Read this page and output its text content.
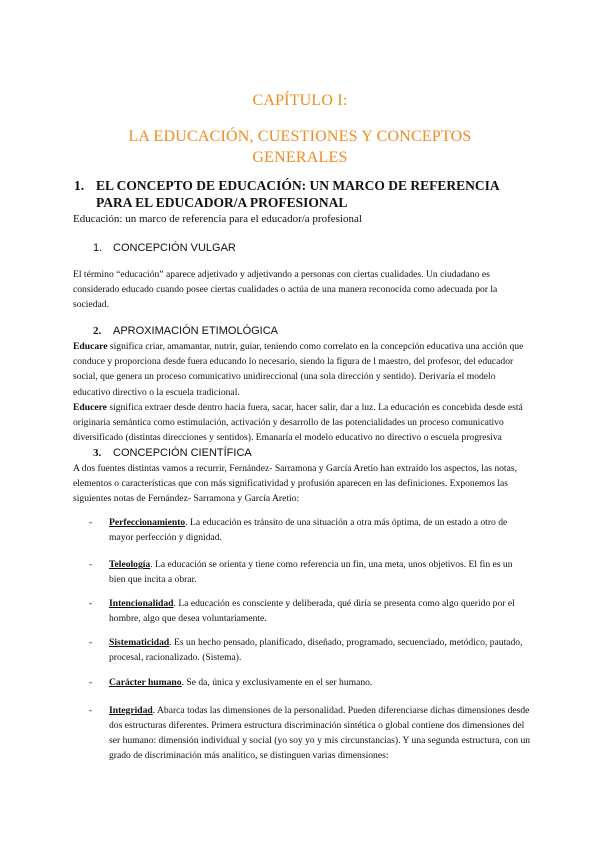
CAPÍTULO I:
LA EDUCACIÓN, CUESTIONES Y CONCEPTOS
GENERALES
1. EL CONCEPTO DE EDUCACIÓN: UN MARCO DE REFERENCIA
PARA EL EDUCADOR/A PROFESIONAL
Educación: un marco de referencia para el educador/a profesional
1. CONCEPCIÓN VULGAR

El término “educación” aparece adjetivado y adjetivando a personas con ciertas cualidades. Un ciudadano es considerado educado cuando posee ciertas cualidades o actúa de una manera reconocida como adecuada por la sociedad.

2. APROXIMACIÓN ETIMOLÓGICA

Educare significa criar, amamantar, nutrir, guiar, teniendo como correlato en la concepción educativa una acción que conduce y proporciona desde fuera educando lo necesario, siendo la figura de l maestro, del profesor, del educador social, que genera un proceso comunicativo unidireccional (una sola dirección y sentido). Derivaría el modelo educativo directivo o la escuela tradicional.

Educere significa extraer desde dentro hacia fuera, sacar, hacer salir, dar a luz. La educación es concebida desde está originaria semántica como estimulación, activación y desarrollo de las potencialidades un proceso comunicativo diversificado (distintas direcciones y sentidos). Emanaría el modelo educativo no directivo o escuela progresiva

3. CONCEPCIÓN CIENTÍFICA

A dos fuentes distintas vamos a recurrir, Fernández- Sarramona y García Aretio han extraído los aspectos, las notas, elementos o características que con más significatividad y profusión aparecen en las definiciones. Exponemos las siguientes notas de Fernández- Sarramona y García Aretio:

- Perfeccionamiento. La educación es tránsito de una situación a otra más óptima, de un estado a otro de mayor perfección y dignidad.
- Teleología. La educación se orienta y tiene como referencia un fin, una meta, unos objetivos. El fin es un bien que incita a obrar.
- Intencionalidad. La educación es consciente y deliberada, qué diría se presenta como algo querido por el hombre, algo que desea voluntariamente.
- Sistematicidad. Es un hecho pensado, planificado, diseñado, programado, secuenciado, metódico, pautado, procesal, racionalizado. (Sistema).
- Carácter humano. Se da, única y exclusivamente en el ser humano.
- Integridad. Abarca todas las dimensiones de la personalidad. Pueden diferenciarse dichas dimensiones desde dos estructuras diferentes. Primera estructura discriminación sintética o global contiene dos dimensiones del ser humano: dimensión individual y social (yo soy yo y mis circunstancias). Y una segunda estructura, con un grado de discriminación más analítico, se distinguen varias dimensiones:
